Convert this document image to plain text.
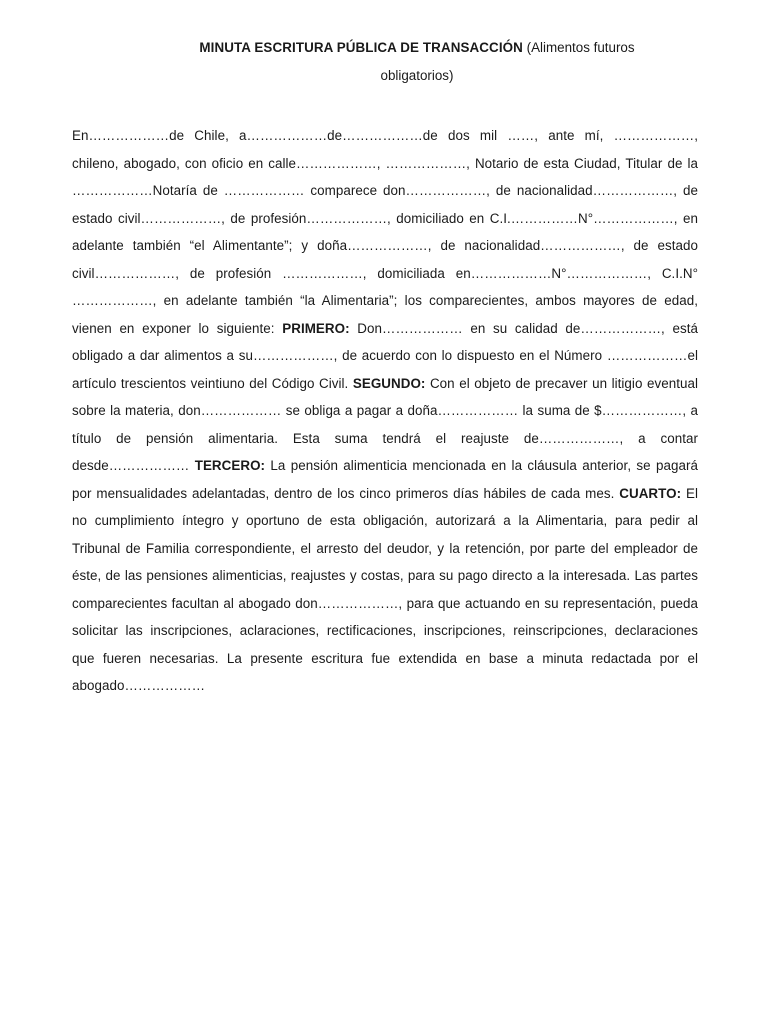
MINUTA ESCRITURA PÚBLICA DE TRANSACCIÓN (Alimentos futuros
obligatorios)
En………………de Chile, a………………de………………de dos mil ……, ante mí, ………………, chileno, abogado, con oficio en calle………………, ………………, Notario de esta Ciudad, Titular de la ………………Notaría de ……………… comparece don………………, de nacionalidad………………, de estado civil………………, de profesión………………, domiciliado en C.I.……………N°………………, en adelante también “el Alimentante”; y doña………………, de nacionalidad………………, de estado civil………………, de profesión ………………, domiciliada en………………N°………………, C.I.N° ………………, en adelante también “la Alimentaria”; los comparecientes, ambos mayores de edad, vienen en exponer lo siguiente: PRIMERO: Don……………… en su calidad de………………, está obligado a dar alimentos a su………………, de acuerdo con lo dispuesto en el Número ………………el artículo trescientos veintiuno del Código Civil. SEGUNDO: Con el objeto de precaver un litigio eventual sobre la materia, don……………… se obliga a pagar a doña……………… la suma de $………………, a título de pensión alimentaria. Esta suma tendrá el reajuste de………………, a contar desde……………… TERCERO: La pensión alimenticia mencionada en la cláusula anterior, se pagará por mensualidades adelantadas, dentro de los cinco primeros días hábiles de cada mes. CUARTO: El no cumplimiento íntegro y oportuno de esta obligación, autorizará a la Alimentaria, para pedir al Tribunal de Familia correspondiente, el arresto del deudor, y la retención, por parte del empleador de éste, de las pensiones alimenticias, reajustes y costas, para su pago directo a la interesada. Las partes comparecientes facultan al abogado don………………, para que actuando en su representación, pueda solicitar las inscripciones, aclaraciones, rectificaciones, inscripciones, reinscripciones, declaraciones que fueren necesarias. La presente escritura fue extendida en base a minuta redactada por el abogado………………
